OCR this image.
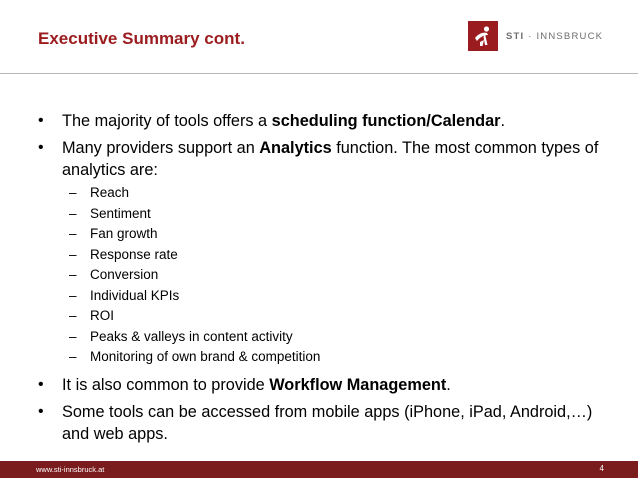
Executive Summary cont.	STI · INNSBRUCK
• The majority of tools offers a scheduling function/Calendar.
• Many providers support an Analytics function. The most common types of analytics are:
– Reach
– Sentiment
– Fan growth
– Response rate
– Conversion
– Individual KPIs
– ROI
– Peaks & valleys in content activity
– Monitoring of own brand & competition
• It is also common to provide Workflow Management.
• Some tools can be accessed from mobile apps (iPhone, iPad, Android,…) and web apps.
www.sti-innsbruck.at	4
